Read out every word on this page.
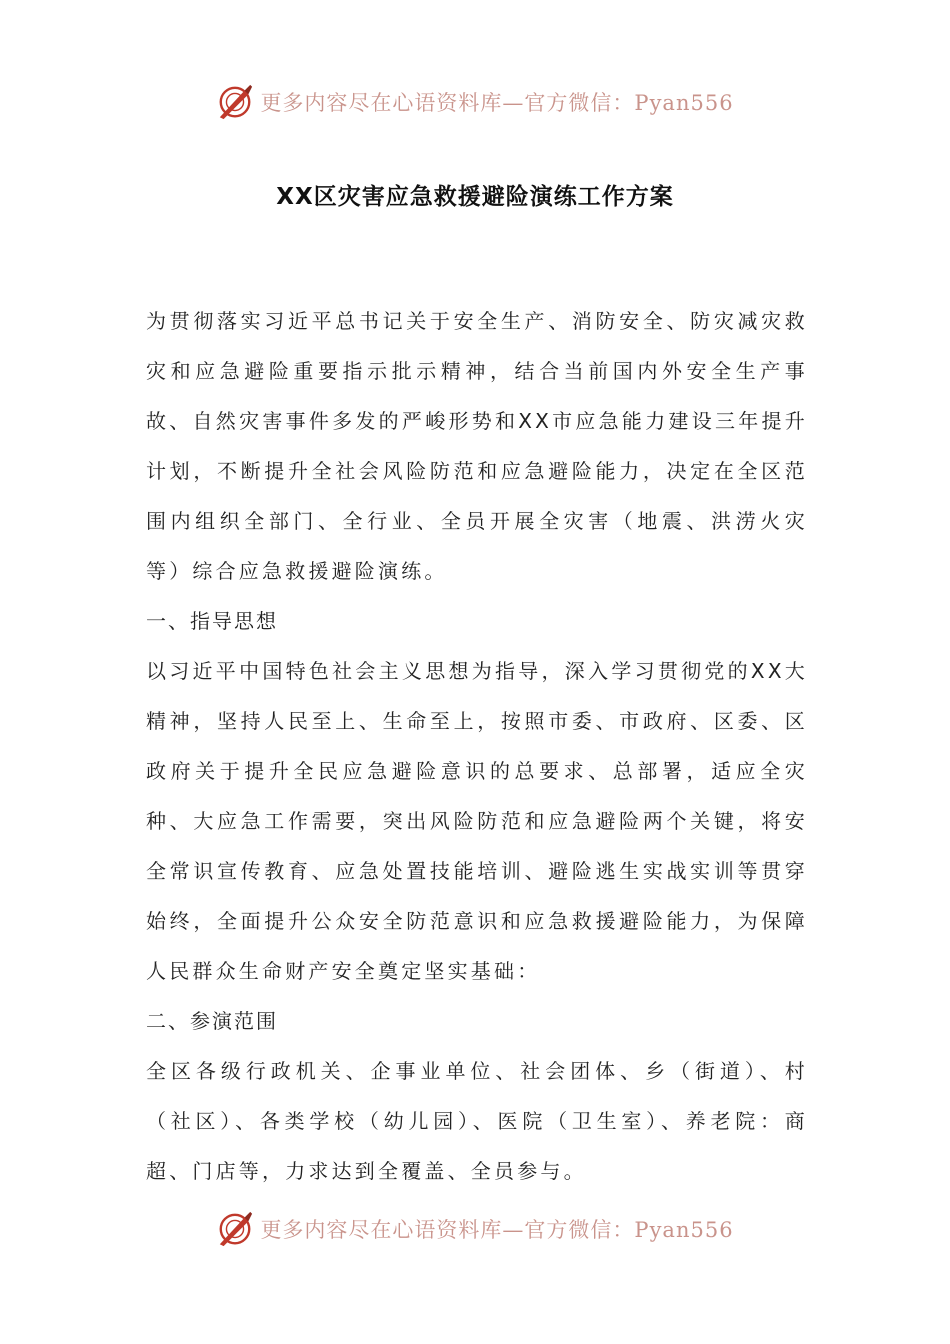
更多内容尽在心语资料库—官方微信：Pyan556
XX区灾害应急救援避险演练工作方案

为贯彻落实习近平总书记关于安全生产、消防安全、防灾减灾救灾和应急避险重要指示批示精神，结合当前国内外安全生产事故、自然灾害事件多发的严峻形势和XX市应急能力建设三年提升计划，不断提升全社会风险防范和应急避险能力，决定在全区范围内组织全部门、全行业、全员开展全灾害（地震、洪涝火灾等）综合应急救援避险演练。

一、指导思想

以习近平中国特色社会主义思想为指导，深入学习贯彻党的XX大精神，坚持人民至上、生命至上，按照市委、市政府、区委、区政府关于提升全民应急避险意识的总要求、总部署，适应全灾种、大应急工作需要，突出风险防范和应急避险两个关键，将安全常识宣传教育、应急处置技能培训、避险逃生实战实训等贯穿始终，全面提升公众安全防范意识和应急救援避险能力，为保障人民群众生命财产安全奠定坚实基础：

二、参演范围

全区各级行政机关、企事业单位、社会团体、乡（街道）、村（社区）、各类学校（幼儿园）、医院（卫生室）、养老院：商超、门店等，力求达到全覆盖、全员参与。

更多内容尽在心语资料库—官方微信：Pyan556
